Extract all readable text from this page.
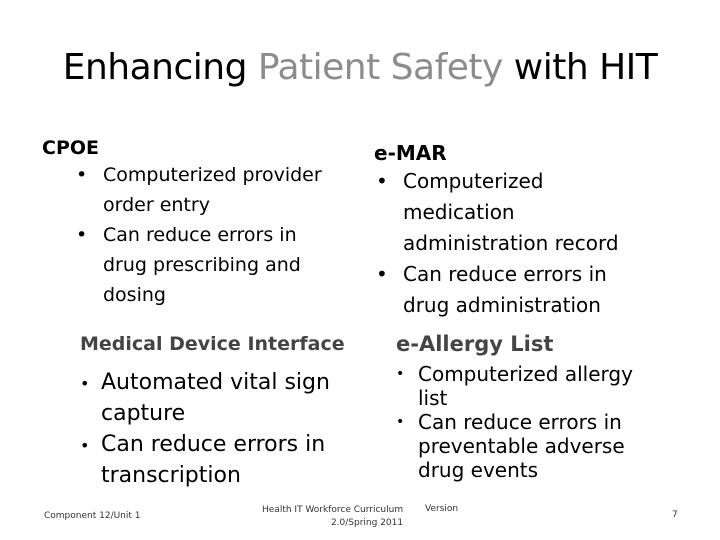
Enhancing Patient Safety with HIT
CPOE
• Computerized provider
order entry
• Can reduce errors in
drug prescribing and
dosing
e-MAR
• Computerized
medication
administration record
• Can reduce errors in
drug administration
Medical Device Interface
• Automated vital sign
capture
• Can reduce errors in
transcription
e-Allergy List
• Computerized allergy
list
• Can reduce errors in
preventable adverse
drug events
Component 12/Unit 1
Health IT Workforce Curriculum
2.0/Spring 2011
Version
7
